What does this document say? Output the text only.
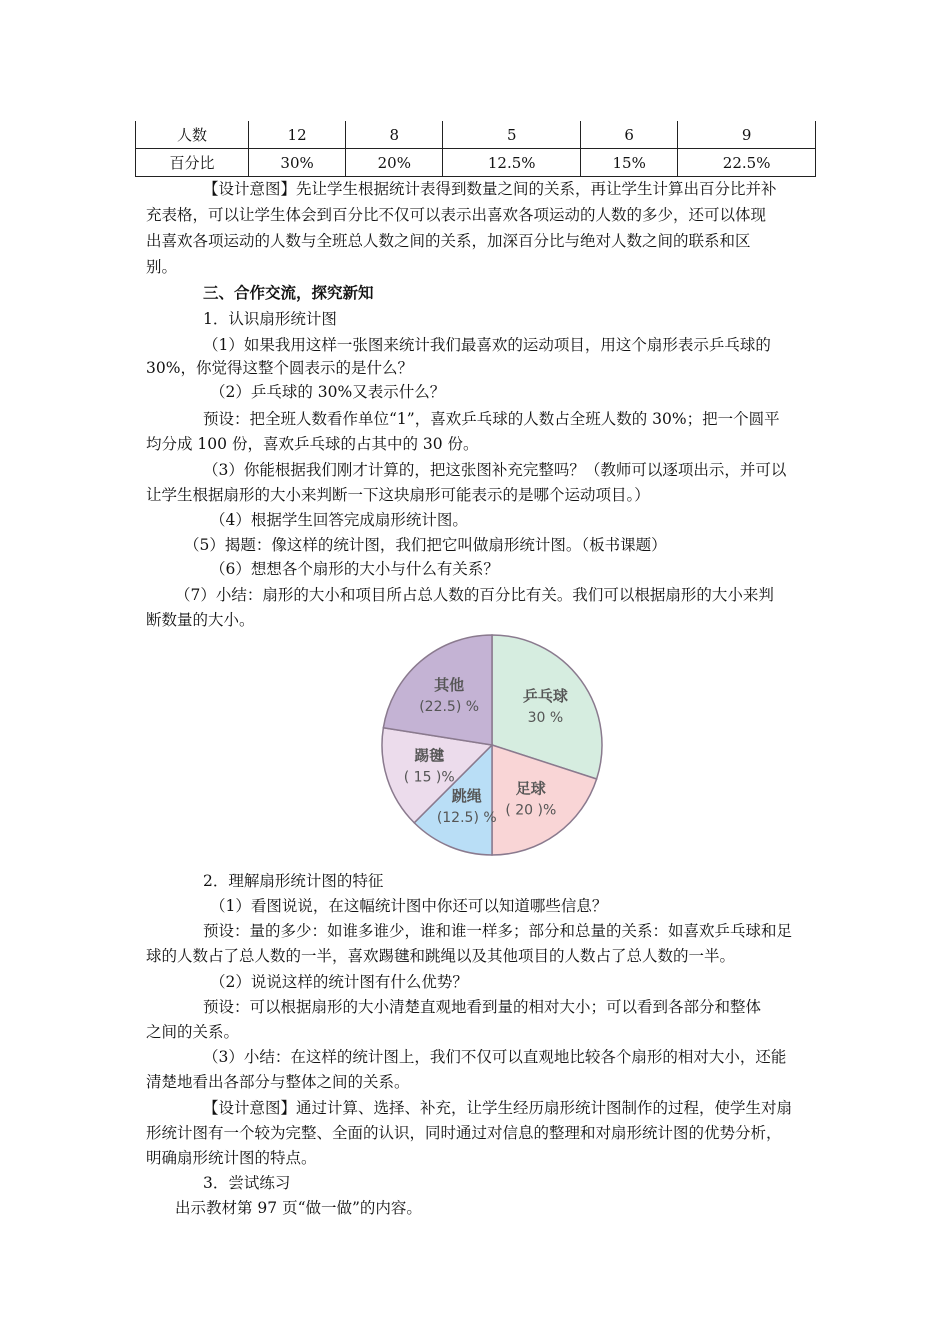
人数	12	8	5	6	9
百分比	30%	20%	12.5%	15%	22.5%
【设计意图】先让学生根据统计表得到数量之间的关系，再让学生计算出百分比并补
充表格，可以让学生体会到百分比不仅可以表示出喜欢各项运动的人数的多少，还可以体现
出喜欢各项运动的人数与全班总人数之间的关系，加深百分比与绝对人数之间的联系和区
别。
三、合作交流，探究新知
1．认识扇形统计图
（1）如果我用这样一张图来统计我们最喜欢的运动项目，用这个扇形表示乒乓球的
30%，你觉得这整个圆表示的是什么？
（2）乒乓球的 30%又表示什么？
预设：把全班人数看作单位“1”，喜欢乒乓球的人数占全班人数的 30%；把一个圆平
均分成 100 份，喜欢乒乓球的占其中的 30 份。
（3）你能根据我们刚才计算的，把这张图补充完整吗？（教师可以逐项出示，并可以
让学生根据扇形的大小来判断一下这块扇形可能表示的是哪个运动项目。）
（4）根据学生回答完成扇形统计图。
（5）揭题：像这样的统计图，我们把它叫做扇形统计图。（板书课题）
（6）想想各个扇形的大小与什么有关系？
（7）小结：扇形的大小和项目所占总人数的百分比有关。我们可以根据扇形的大小来判
断数量的大小。
乒乓球
30 %
足球
( 20 )%
跳绳
(12.5) %
踢毽
( 15 )%
其他
(22.5) %
2．理解扇形统计图的特征
（1）看图说说，在这幅统计图中你还可以知道哪些信息？
预设：量的多少：如谁多谁少，谁和谁一样多；部分和总量的关系：如喜欢乒乓球和足
球的人数占了总人数的一半，喜欢踢毽和跳绳以及其他项目的人数占了总人数的一半。
（2）说说这样的统计图有什么优势？
预设：可以根据扇形的大小清楚直观地看到量的相对大小；可以看到各部分和整体
之间的关系。
（3）小结：在这样的统计图上，我们不仅可以直观地比较各个扇形的相对大小，还能
清楚地看出各部分与整体之间的关系。
【设计意图】通过计算、选择、补充，让学生经历扇形统计图制作的过程，使学生对扇
形统计图有一个较为完整、全面的认识，同时通过对信息的整理和对扇形统计图的优势分析，
明确扇形统计图的特点。
3．尝试练习
出示教材第 97 页“做一做”的内容。
